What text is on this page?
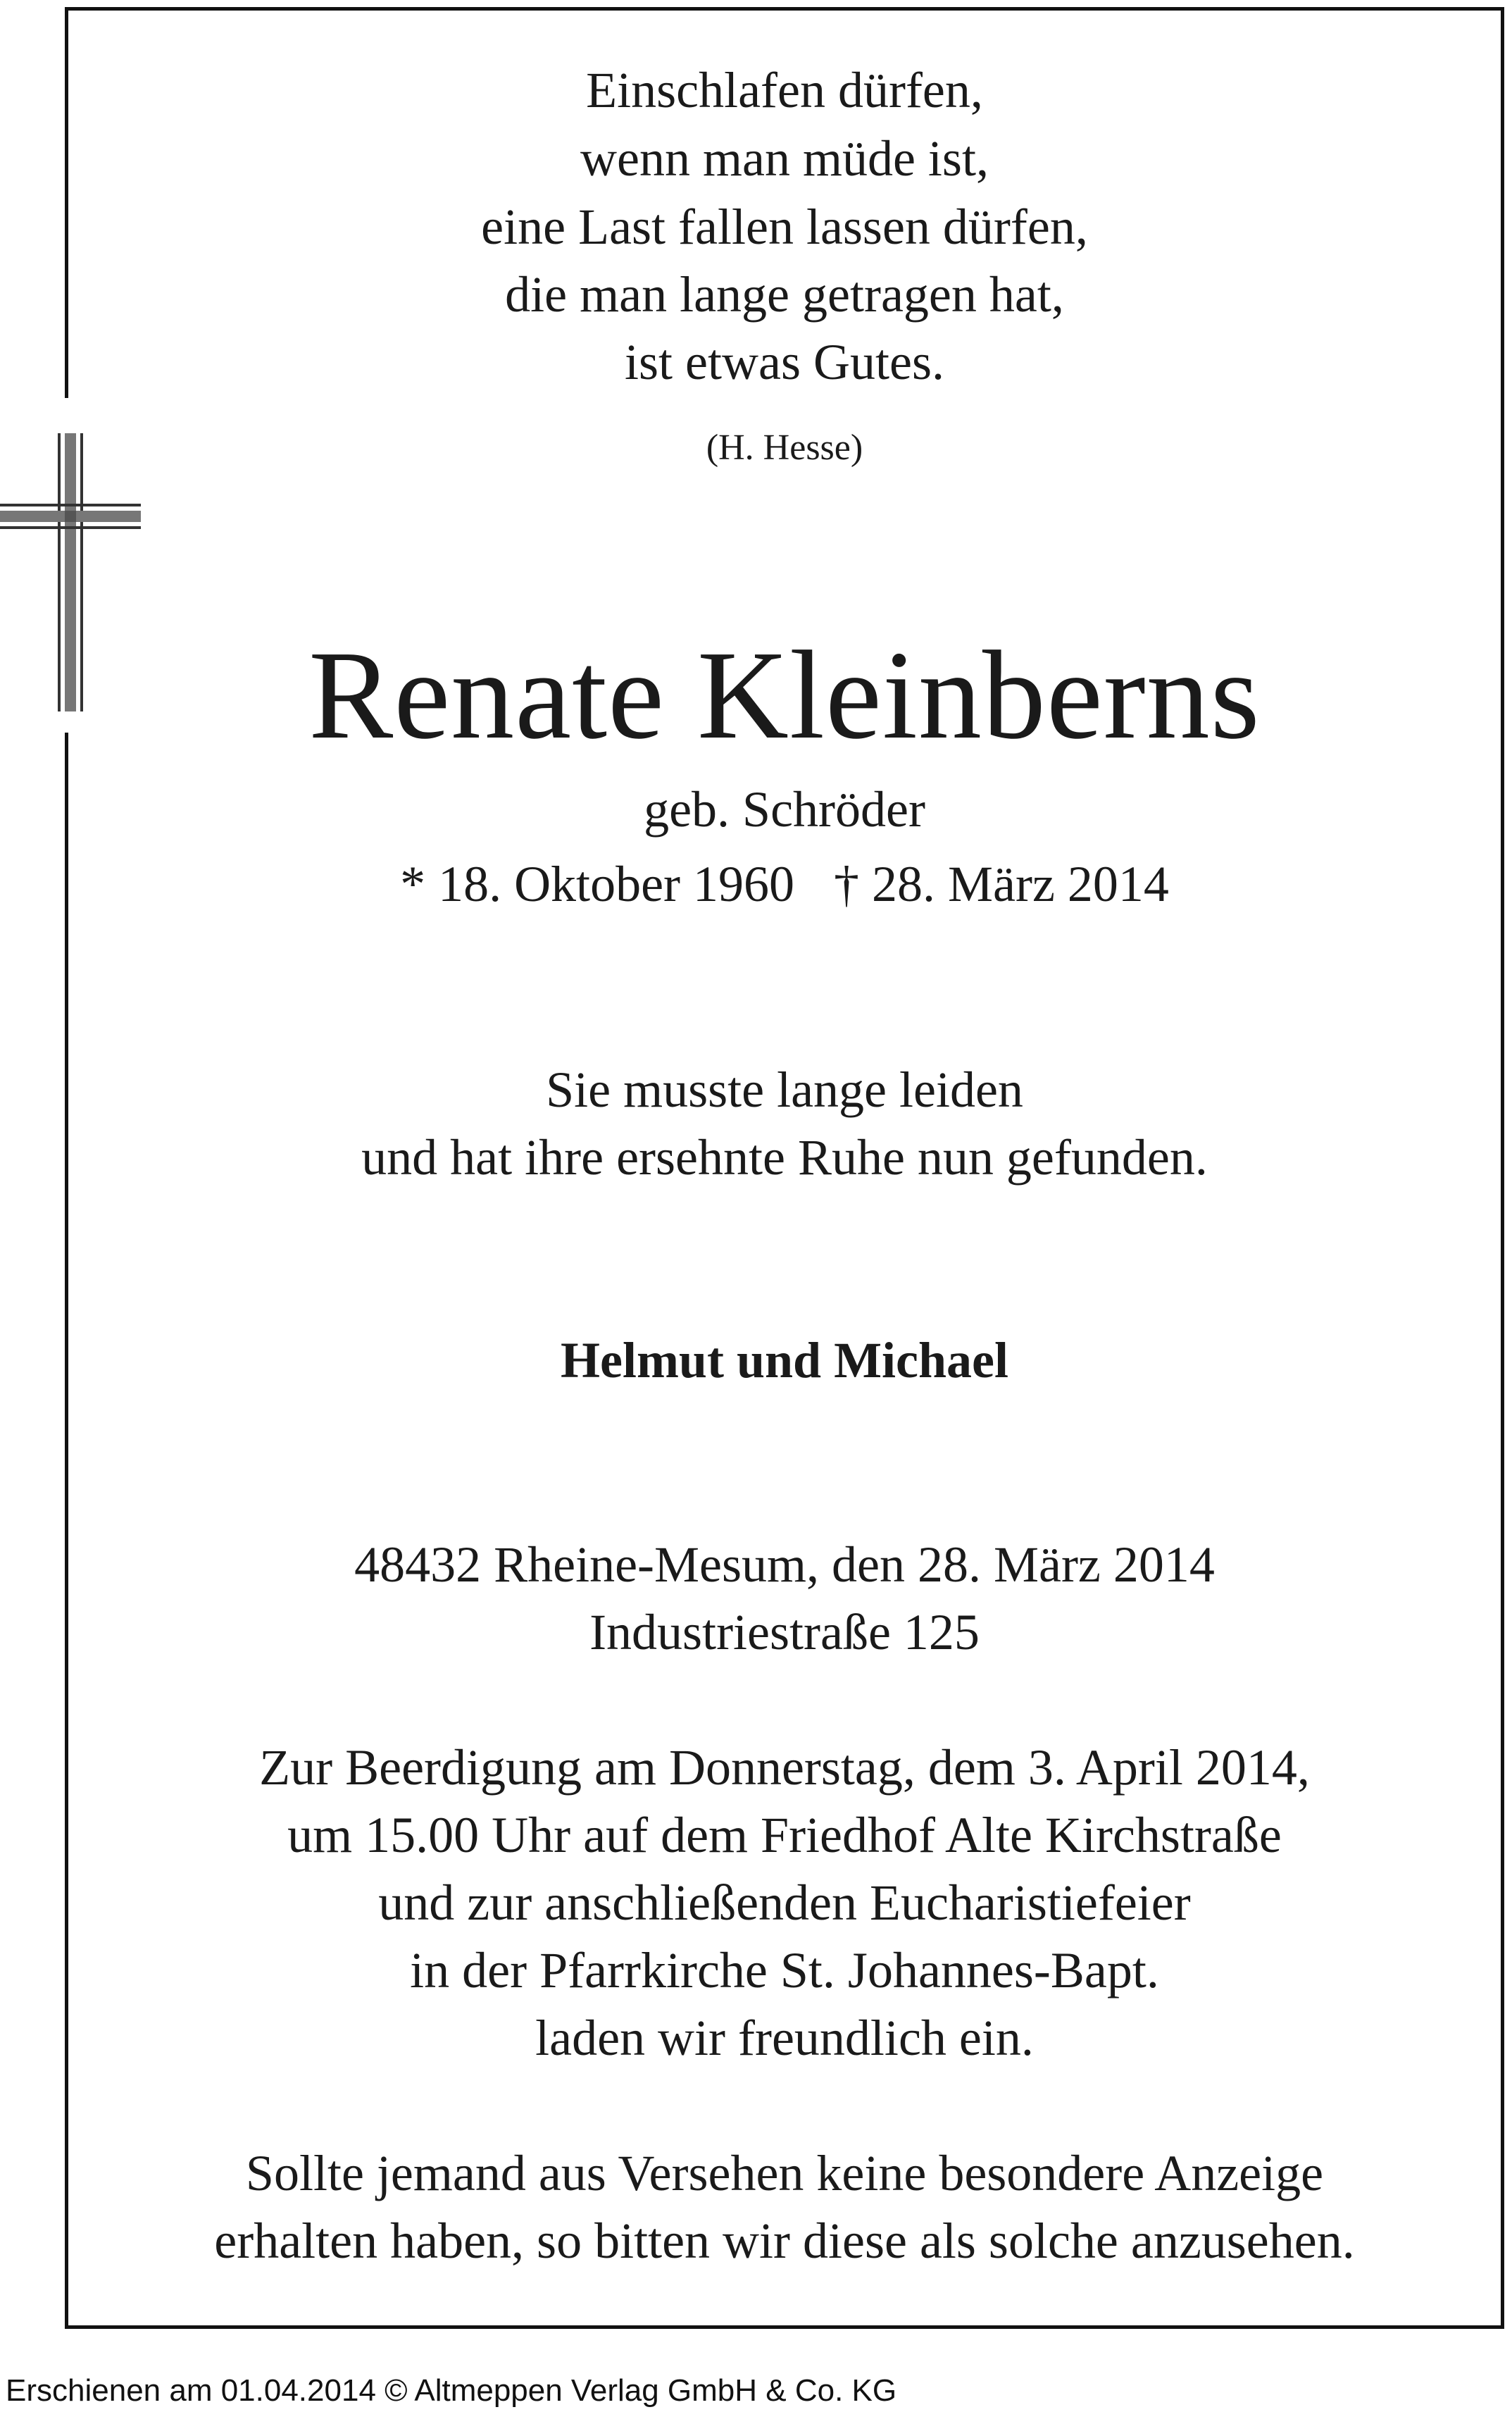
Einschlafen dürfen,
wenn man müde ist,
eine Last fallen lassen dürfen,
die man lange getragen hat,
ist etwas Gutes.
(H. Hesse)
Renate Kleinberns
geb. Schröder
* 18. Oktober 1960 † 28. März 2014
Sie musste lange leiden
und hat ihre ersehnte Ruhe nun gefunden.
Helmut und Michael
48432 Rheine-Mesum, den 28. März 2014
Industriestraße 125
Zur Beerdigung am Donnerstag, dem 3. April 2014,
um 15.00 Uhr auf dem Friedhof Alte Kirchstraße
und zur anschließenden Eucharistiefeier
in der Pfarrkirche St. Johannes-Bapt.
laden wir freundlich ein.
Sollte jemand aus Versehen keine besondere Anzeige
erhalten haben, so bitten wir diese als solche anzusehen.
Erschienen am 01.04.2014 © Altmeppen Verlag GmbH & Co. KG
